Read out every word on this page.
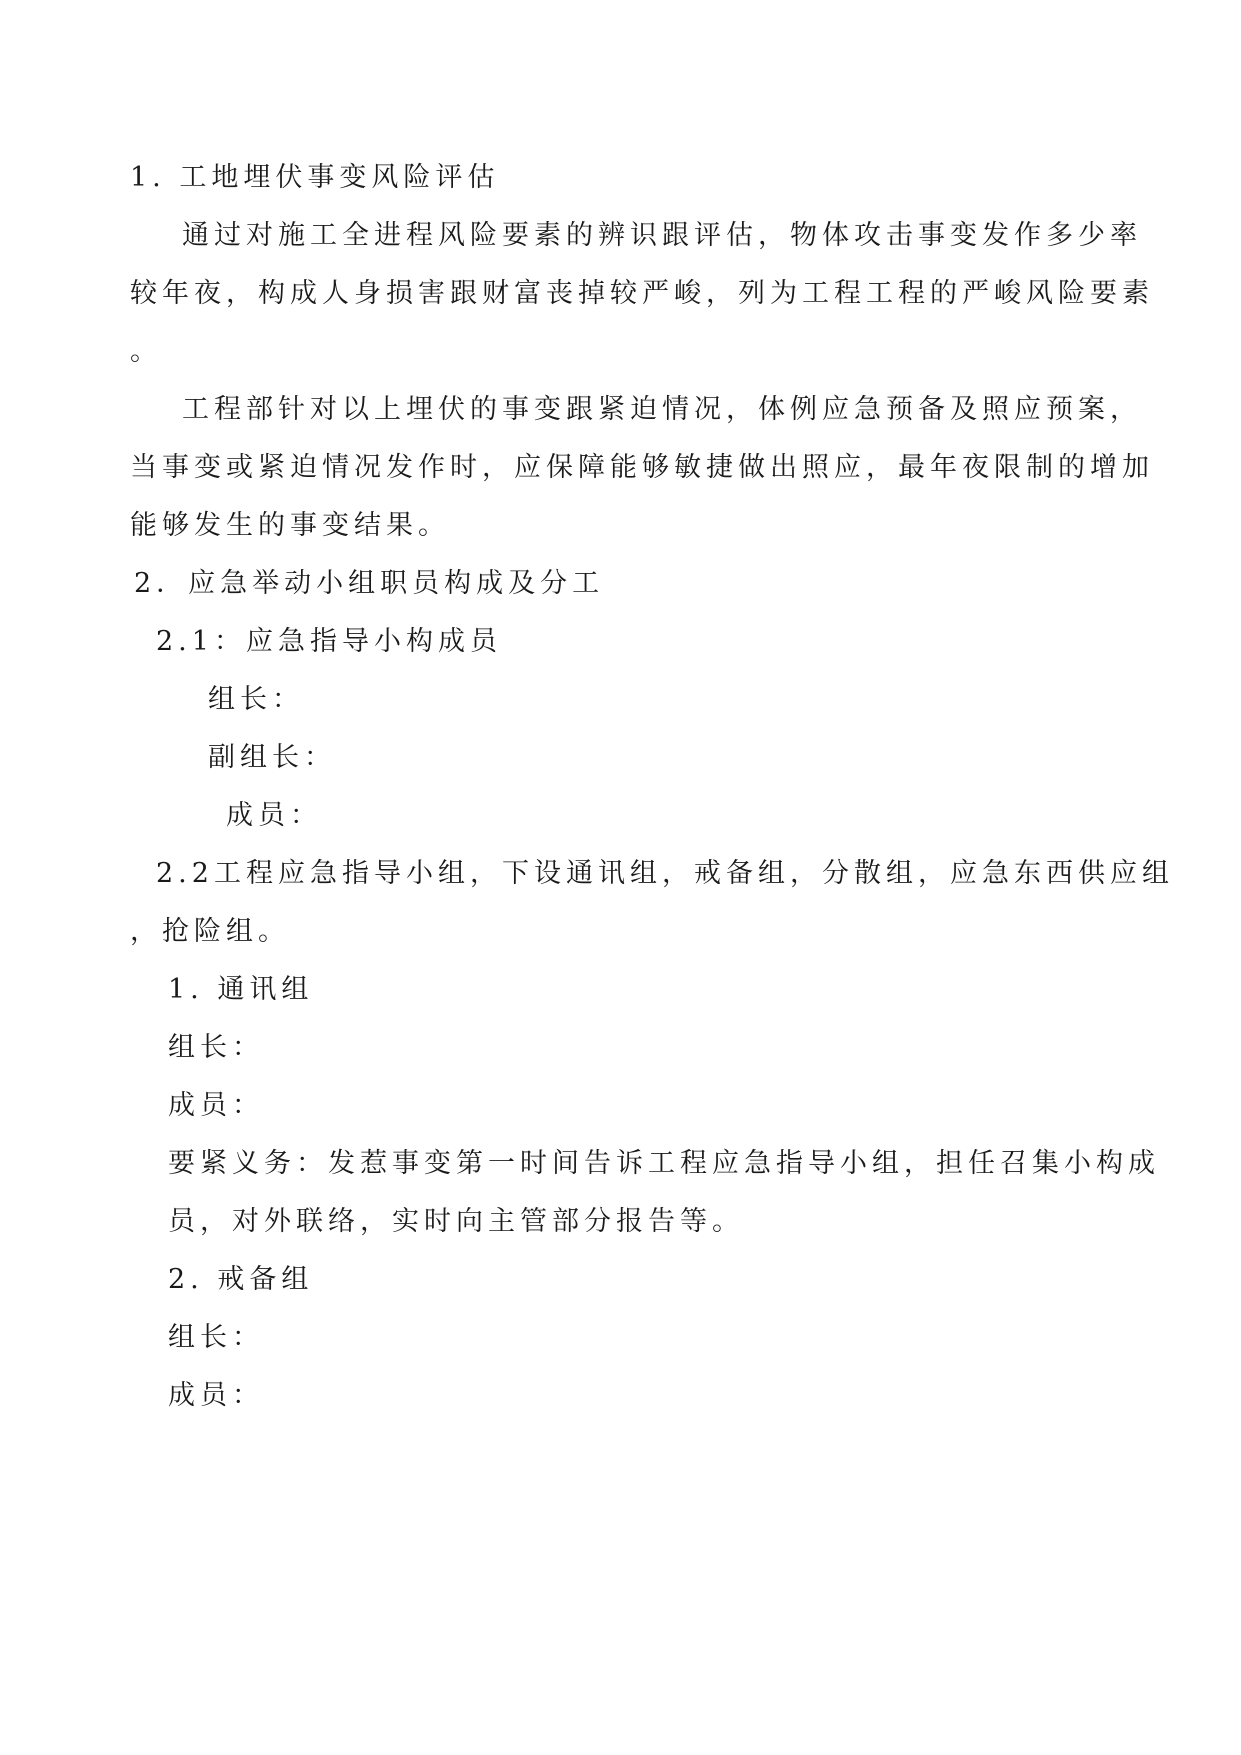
1. 工地埋伏事变风险评估
通过对施工全进程风险要素的辨识跟评估，物体攻击事变发作多少率
较年夜，构成人身损害跟财富丧掉较严峻，列为工程工程的严峻风险要素
。
工程部针对以上埋伏的事变跟紧迫情况，体例应急预备及照应预案，
当事变或紧迫情况发作时，应保障能够敏捷做出照应，最年夜限制的增加
能够发生的事变结果。
2．应急举动小组职员构成及分工
2.1：应急指导小构成员
组长：
副组长：
成员：
2.2工程应急指导小组，下设通讯组，戒备组，分散组，应急东西供应组
，抢险组。
1. 通讯组
组长：
成员：
要紧义务：发惹事变第一时间告诉工程应急指导小组，担任召集小构成
员，对外联络，实时向主管部分报告等。
2. 戒备组
组长：
成员：
